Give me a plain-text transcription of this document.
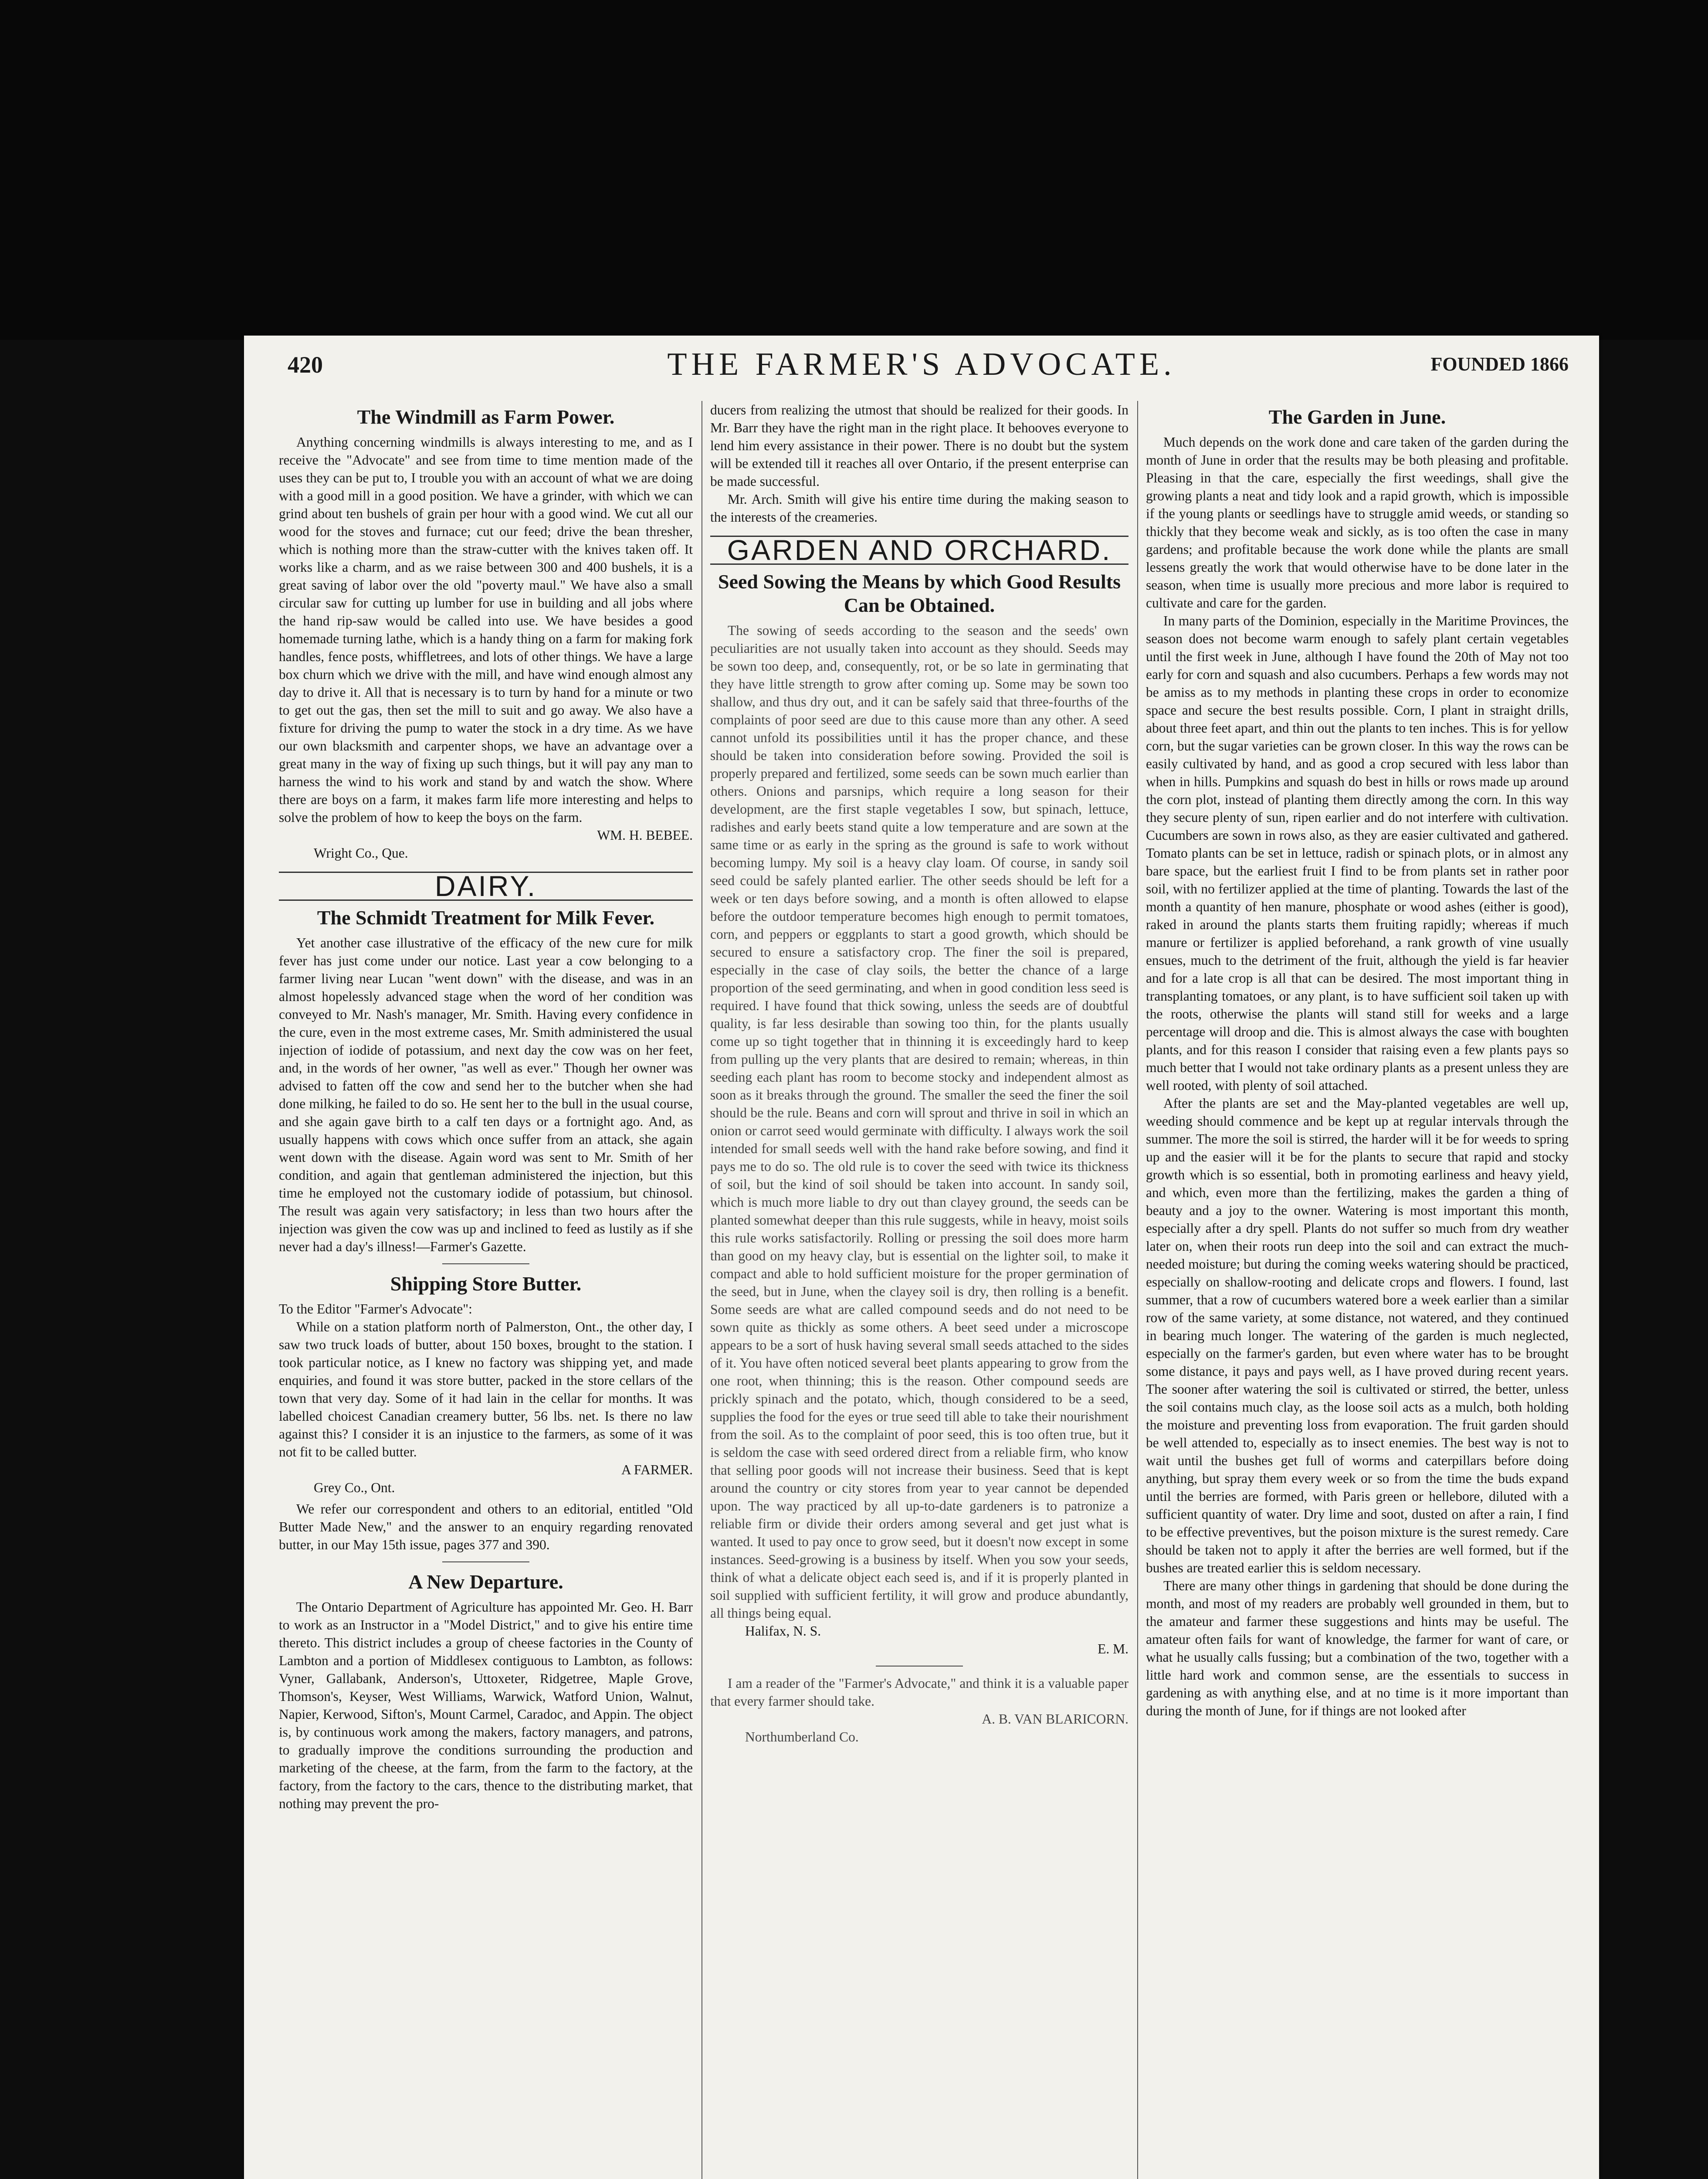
420	THE FARMER'S ADVOCATE.	FOUNDED 1866
The Windmill as Farm Power.

Anything concerning windmills is always interesting to me, and as I receive the "Advocate" and see from time to time mention made of the uses they can be put to, I trouble you with an account of what we are doing with a good mill in a good position. We have a grinder, with which we can grind about ten bushels of grain per hour with a good wind. We cut all our wood for the stoves and furnace; cut our feed; drive the bean thresher, which is nothing more than the straw-cutter with the knives taken off. It works like a charm, and as we raise between 300 and 400 bushels, it is a great saving of labor over the old "poverty maul." We have also a small circular saw for cutting up lumber for use in building and all jobs where the hand rip-saw would be called into use. We have besides a good homemade turning lathe, which is a handy thing on a farm for making fork handles, fence posts, whiffletrees, and lots of other things. We have a large box churn which we drive with the mill, and have wind enough almost any day to drive it. All that is necessary is to turn by hand for a minute or two to get out the gas, then set the mill to suit and go away. We also have a fixture for driving the pump to water the stock in a dry time. As we have our own blacksmith and carpenter shops, we have an advantage over a great many in the way of fixing up such things, but it will pay any man to harness the wind to his work and stand by and watch the show. Where there are boys on a farm, it makes farm life more interesting and helps to solve the problem of how to keep the boys on the farm.

WM. H. BEBEE.

Wright Co., Que.

DAIRY.
The Schmidt Treatment for Milk Fever.

Yet another case illustrative of the efficacy of the new cure for milk fever has just come under our notice. Last year a cow belonging to a farmer living near Lucan "went down" with the disease, and was in an almost hopelessly advanced stage when the word of her condition was conveyed to Mr. Nash's manager, Mr. Smith. Having every confidence in the cure, even in the most extreme cases, Mr. Smith administered the usual injection of iodide of potassium, and next day the cow was on her feet, and, in the words of her owner, "as well as ever." Though her owner was advised to fatten off the cow and send her to the butcher when she had done milking, he failed to do so. He sent her to the bull in the usual course, and she again gave birth to a calf ten days or a fortnight ago. And, as usually happens with cows which once suffer from an attack, she again went down with the disease. Again word was sent to Mr. Smith of her condition, and again that gentleman administered the injection, but this time he employed not the customary iodide of potassium, but chinosol. The result was again very satisfactory; in less than two hours after the injection was given the cow was up and inclined to feed as lustily as if she never had a day's illness!—Farmer's Gazette.

Shipping Store Butter.

To the Editor "Farmer's Advocate":

While on a station platform north of Palmerston, Ont., the other day, I saw two truck loads of butter, about 150 boxes, brought to the station. I took particular notice, as I knew no factory was shipping yet, and made enquiries, and found it was store butter, packed in the store cellars of the town that very day. Some of it had lain in the cellar for months. It was labelled choicest Canadian creamery butter, 56 lbs. net. Is there no law against this? I consider it is an injustice to the farmers, as some of it was not fit to be called butter.

A FARMER.

Grey Co., Ont.

We refer our correspondent and others to an editorial, entitled "Old Butter Made New," and the answer to an enquiry regarding renovated butter, in our May 15th issue, pages 377 and 390.

A New Departure.

The Ontario Department of Agriculture has appointed Mr. Geo. H. Barr to work as an Instructor in a "Model District," and to give his entire time thereto. This district includes a group of cheese factories in the County of Lambton and a portion of Middlesex contiguous to Lambton, as follows: Vyner, Gallabank, Anderson's, Uttoxeter, Ridgetree, Maple Grove, Thomson's, Keyser, West Williams, Warwick, Watford Union, Walnut, Napier, Kerwood, Sifton's, Mount Carmel, Caradoc, and Appin. The object is, by continuous work among the makers, factory managers, and patrons, to gradually improve the conditions surrounding the production and marketing of the cheese, at the farm, from the farm to the factory, at the factory, from the factory to the cars, thence to the distributing market, that nothing may prevent the pro-

ducers from realizing the utmost that should be realized for their goods. In Mr. Barr they have the right man in the right place. It behooves everyone to lend him every assistance in their power. There is no doubt but the system will be extended till it reaches all over Ontario, if the present enterprise can be made successful.

Mr. Arch. Smith will give his entire time during the making season to the interests of the creameries.

GARDEN AND ORCHARD.
Seed Sowing the Means by which Good Results Can be Obtained.

The sowing of seeds according to the season and the seeds' own peculiarities are not usually taken into account as they should. Seeds may be sown too deep, and, consequently, rot, or be so late in germinating that they have little strength to grow after coming up. Some may be sown too shallow, and thus dry out, and it can be safely said that three-fourths of the complaints of poor seed are due to this cause more than any other. A seed cannot unfold its possibilities until it has the proper chance, and these should be taken into consideration before sowing. Provided the soil is properly prepared and fertilized, some seeds can be sown much earlier than others. Onions and parsnips, which require a long season for their development, are the first staple vegetables I sow, but spinach, lettuce, radishes and early beets stand quite a low temperature and are sown at the same time or as early in the spring as the ground is safe to work without becoming lumpy. My soil is a heavy clay loam. Of course, in sandy soil seed could be safely planted earlier. The other seeds should be left for a week or ten days before sowing, and a month is often allowed to elapse before the outdoor temperature becomes high enough to permit tomatoes, corn, and peppers or eggplants to start a good growth, which should be secured to ensure a satisfactory crop. The finer the soil is prepared, especially in the case of clay soils, the better the chance of a large proportion of the seed germinating, and when in good condition less seed is required. I have found that thick sowing, unless the seeds are of doubtful quality, is far less desirable than sowing too thin, for the plants usually come up so tight together that in thinning it is exceedingly hard to keep from pulling up the very plants that are desired to remain; whereas, in thin seeding each plant has room to become stocky and independent almost as soon as it breaks through the ground. The smaller the seed the finer the soil should be the rule. Beans and corn will sprout and thrive in soil in which an onion or carrot seed would germinate with difficulty. I always work the soil intended for small seeds well with the hand rake before sowing, and find it pays me to do so. The old rule is to cover the seed with twice its thickness of soil, but the kind of soil should be taken into account. In sandy soil, which is much more liable to dry out than clayey ground, the seeds can be planted somewhat deeper than this rule suggests, while in heavy, moist soils this rule works satisfactorily. Rolling or pressing the soil does more harm than good on my heavy clay, but is essential on the lighter soil, to make it compact and able to hold sufficient moisture for the proper germination of the seed, but in June, when the clayey soil is dry, then rolling is a benefit. Some seeds are what are called compound seeds and do not need to be sown quite as thickly as some others. A beet seed under a microscope appears to be a sort of husk having several small seeds attached to the sides of it. You have often noticed several beet plants appearing to grow from the one root, when thinning; this is the reason. Other compound seeds are prickly spinach and the potato, which, though considered to be a seed, supplies the food for the eyes or true seed till able to take their nourishment from the soil. As to the complaint of poor seed, this is too often true, but it is seldom the case with seed ordered direct from a reliable firm, who know that selling poor goods will not increase their business. Seed that is kept around the country or city stores from year to year cannot be depended upon. The way practiced by all up-to-date gardeners is to patronize a reliable firm or divide their orders among several and get just what is wanted. It used to pay once to grow seed, but it doesn't now except in some instances. Seed-growing is a business by itself. When you sow your seeds, think of what a delicate object each seed is, and if it is properly planted in soil supplied with sufficient fertility, it will grow and produce abundantly, all things being equal.

Halifax, N. S.

E. M.

I am a reader of the "Farmer's Advocate," and think it is a valuable paper that every farmer should take.

A. B. VAN BLARICORN.

Northumberland Co.

The Garden in June.

Much depends on the work done and care taken of the garden during the month of June in order that the results may be both pleasing and profitable. Pleasing in that the care, especially the first weedings, shall give the growing plants a neat and tidy look and a rapid growth, which is impossible if the young plants or seedlings have to struggle amid weeds, or standing so thickly that they become weak and sickly, as is too often the case in many gardens; and profitable because the work done while the plants are small lessens greatly the work that would otherwise have to be done later in the season, when time is usually more precious and more labor is required to cultivate and care for the garden.

In many parts of the Dominion, especially in the Maritime Provinces, the season does not become warm enough to safely plant certain vegetables until the first week in June, although I have found the 20th of May not too early for corn and squash and also cucumbers. Perhaps a few words may not be amiss as to my methods in planting these crops in order to economize space and secure the best results possible. Corn, I plant in straight drills, about three feet apart, and thin out the plants to ten inches. This is for yellow corn, but the sugar varieties can be grown closer. In this way the rows can be easily cultivated by hand, and as good a crop secured with less labor than when in hills. Pumpkins and squash do best in hills or rows made up around the corn plot, instead of planting them directly among the corn. In this way they secure plenty of sun, ripen earlier and do not interfere with cultivation. Cucumbers are sown in rows also, as they are easier cultivated and gathered. Tomato plants can be set in lettuce, radish or spinach plots, or in almost any bare space, but the earliest fruit I find to be from plants set in rather poor soil, with no fertilizer applied at the time of planting. Towards the last of the month a quantity of hen manure, phosphate or wood ashes (either is good), raked in around the plants starts them fruiting rapidly; whereas if much manure or fertilizer is applied beforehand, a rank growth of vine usually ensues, much to the detriment of the fruit, although the yield is far heavier and for a late crop is all that can be desired. The most important thing in transplanting tomatoes, or any plant, is to have sufficient soil taken up with the roots, otherwise the plants will stand still for weeks and a large percentage will droop and die. This is almost always the case with boughten plants, and for this reason I consider that raising even a few plants pays so much better that I would not take ordinary plants as a present unless they are well rooted, with plenty of soil attached.

After the plants are set and the May-planted vegetables are well up, weeding should commence and be kept up at regular intervals through the summer. The more the soil is stirred, the harder will it be for weeds to spring up and the easier will it be for the plants to secure that rapid and stocky growth which is so essential, both in promoting earliness and heavy yield, and which, even more than the fertilizing, makes the garden a thing of beauty and a joy to the owner. Watering is most important this month, especially after a dry spell. Plants do not suffer so much from dry weather later on, when their roots run deep into the soil and can extract the much-needed moisture; but during the coming weeks watering should be practiced, especially on shallow-rooting and delicate crops and flowers. I found, last summer, that a row of cucumbers watered bore a week earlier than a similar row of the same variety, at some distance, not watered, and they continued in bearing much longer. The watering of the garden is much neglected, especially on the farmer's garden, but even where water has to be brought some distance, it pays and pays well, as I have proved during recent years. The sooner after watering the soil is cultivated or stirred, the better, unless the soil contains much clay, as the loose soil acts as a mulch, both holding the moisture and preventing loss from evaporation. The fruit garden should be well attended to, especially as to insect enemies. The best way is not to wait until the bushes get full of worms and caterpillars before doing anything, but spray them every week or so from the time the buds expand until the berries are formed, with Paris green or hellebore, diluted with a sufficient quantity of water. Dry lime and soot, dusted on after a rain, I find to be effective preventives, but the poison mixture is the surest remedy. Care should be taken not to apply it after the berries are well formed, but if the bushes are treated earlier this is seldom necessary.

There are many other things in gardening that should be done during the month, and most of my readers are probably well grounded in them, but to the amateur and farmer these suggestions and hints may be useful. The amateur often fails for want of knowledge, the farmer for want of care, or what he usually calls fussing; but a combination of the two, together with a little hard work and common sense, are the essentials to success in gardening as with anything else, and at no time is it more important than during the month of June, for if things are not looked after
